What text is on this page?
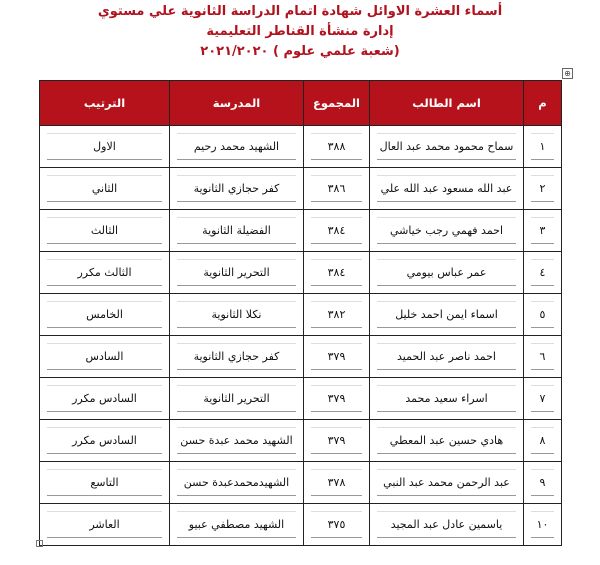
أسماء العشرة الاوائل شهادة اتمام الدراسة الثانوية علي مستوي
إدارة منشأة القناطر التعليمية
(شعبة علمي علوم ) ٢٠٢١/٢٠٢٠
⊕
م	اسم الطالب	المجموع	المدرسة	الترتيب
١	سماح محمود محمد عبد العال	٣٨٨	الشهيد محمد رحيم	الاول
٢	عبد الله مسعود عبد الله علي	٣٨٦	كفر حجازي الثانوية	الثاني
٣	احمد فهمي رجب خياشي	٣٨٤	الفضيلة الثانوية	الثالث
٤	عمر عباس بيومي	٣٨٤	التحرير الثانوية	الثالث مكرر
٥	اسماء ايمن احمد خليل	٣٨٢	نكلا الثانوية	الخامس
٦	احمد ناصر عبد الحميد	٣٧٩	كفر حجازي الثانوية	السادس
٧	اسراء سعيد محمد	٣٧٩	التحرير الثانوية	السادس مكرر
٨	هادي حسين عبد المعطي	٣٧٩	الشهيد محمد عبدة حسن	السادس مكرر
٩	عبد الرحمن محمد عبد النبي	٣٧٨	الشهيدمحمدعبدة حسن	التاسع
١٠	ياسمين عادل عبد المجيد	٣٧٥	الشهيد مصطفي عبيو	العاشر
